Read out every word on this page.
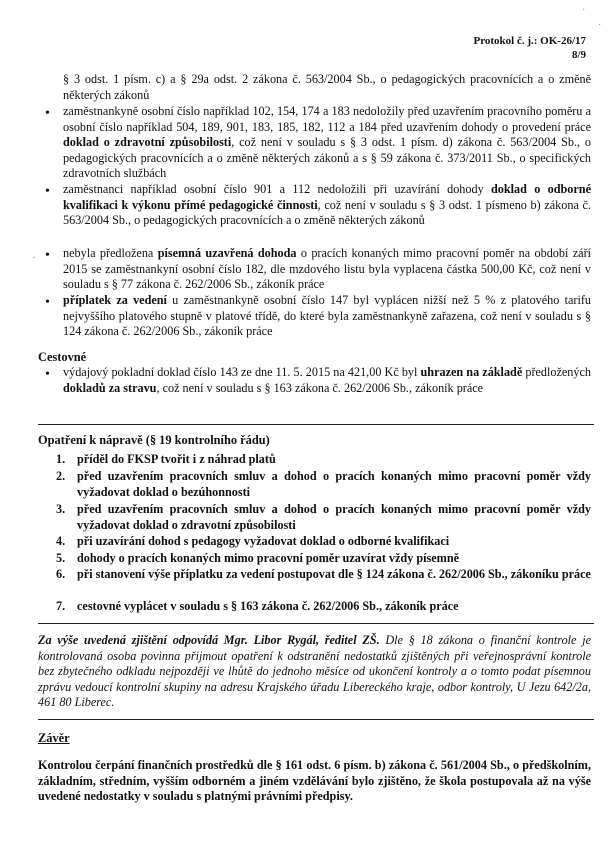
Protokol č. j.: OK-26/17
8/9
§ 3 odst. 1 písm. c) a § 29a odst. 2 zákona č. 563/2004 Sb., o pedagogických pracovnících a o změně některých zákonů
• zaměstnankyně osobní číslo například 102, 154, 174 a 183 nedoložily před uzavřením pracovního poměru a osobní číslo například 504, 189, 901, 183, 185, 182, 112 a 184 před uzavřením dohody o provedení práce doklad o zdravotní způsobilosti, což není v souladu s § 3 odst. 1 písm. d) zákona č. 563/2004 Sb., o pedagogických pracovnících a o změně některých zákonů a s § 59 zákona č. 373/2011 Sb., o specifických zdravotních službách
• zaměstnanci například osobní číslo 901 a 112 nedoložili při uzavírání dohody doklad o odborné kvalifikaci k výkonu přímé pedagogické činnosti, což není v souladu s § 3 odst. 1 písmeno b) zákona č. 563/2004 Sb., o pedagogických pracovnících a o změně některých zákonů
. • nebyla předložena písemná uzavřená dohoda o pracích konaných mimo pracovní poměr na období září 2015 se zaměstnankyní osobní číslo 182, dle mzdového listu byla vyplacena částka 500,00 Kč, což není v souladu s § 77 zákona č. 262/2006 Sb., zákoník práce
• příplatek za vedení u zaměstnankyně osobní číslo 147 byl vyplácen nižší než 5 % z platového tarifu nejvyššího platového stupně v platové třídě, do které byla zaměstnankyně zařazena, což není v souladu s § 124 zákona č. 262/2006 Sb., zákoník práce
Cestovné
• výdajový pokladní doklad číslo 143 ze dne 11. 5. 2015 na 421,00 Kč byl uhrazen na základě předložených dokladů za stravu, což není v souladu s § 163 zákona č. 262/2006 Sb., zákoník práce
Opatření k nápravě (§ 19 kontrolního řádu)
1. příděl do FKSP tvořit i z náhrad platů
2. před uzavřením pracovních smluv a dohod o pracích konaných mimo pracovní poměr vždy vyžadovat doklad o bezúhonnosti
3. před uzavřením pracovních smluv a dohod o pracích konaných mimo pracovní poměr vždy vyžadovat doklad o zdravotní způsobilosti
4. při uzavírání dohod s pedagogy vyžadovat doklad o odborné kvalifikaci
5. dohody o pracích konaných mimo pracovní poměr uzavírat vždy písemně
6. při stanovení výše příplatku za vedení postupovat dle § 124 zákona č. 262/2006 Sb., zákoníku práce
7. cestovné vyplácet v souladu s § 163 zákona č. 262/2006 Sb., zákoník práce
Za výše uvedená zjištění odpovídá Mgr. Libor Rygál, ředitel ZŠ. Dle § 18 zákona o finanční kontrole je kontrolovaná osoba povinna přijmout opatření k odstranění nedostatků zjištěných při veřejnosprávní kontrole bez zbytečného odkladu nejpozději ve lhůtě do jednoho měsíce od ukončení kontroly a o tomto podat písemnou zprávu vedoucí kontrolní skupiny na adresu Krajského úřadu Libereckého kraje, odbor kontroly, U Jezu 642/2a, 461 80 Liberec.
Závěr
Kontrolou čerpání finančních prostředků dle § 161 odst. 6 písm. b) zákona č. 561/2004 Sb., o předškolním, základním, středním, vyšším odborném a jiném vzdělávání bylo zjištěno, že škola postupovala až na výše uvedené nedostatky v souladu s platnými právními předpisy.
·
·
